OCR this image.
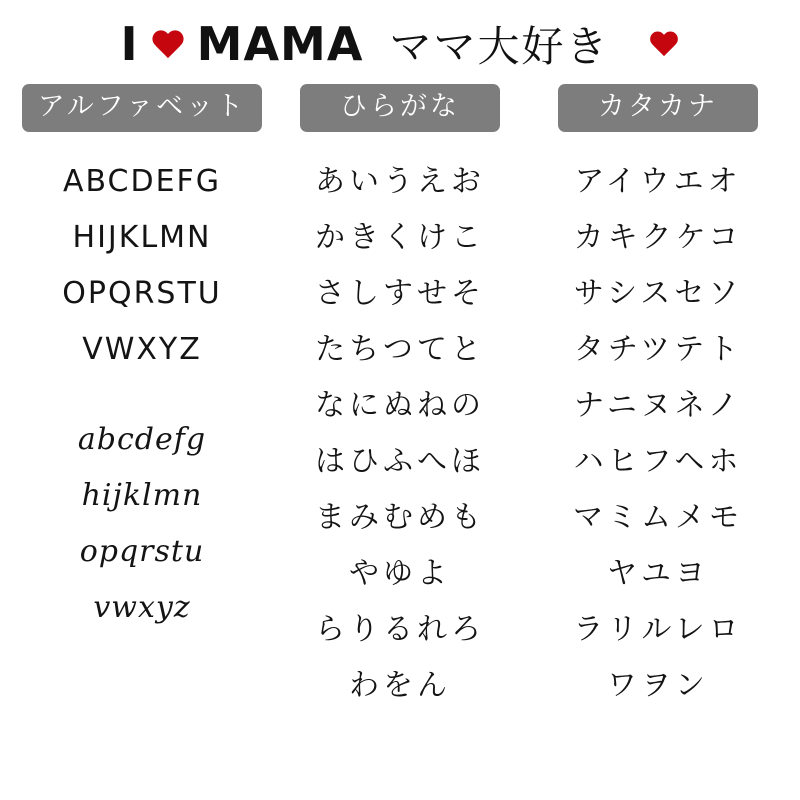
I MAMA ママ大好き
アルファベット
ABCDEFG
HIJKLMN
OPQRSTU
VWXYZ
abcdefg
hijklmn
opqrstu
vwxyz
ひらがな
あいうえお
かきくけこ
さしすせそ
たちつてと
なにぬねの
はひふへほ
まみむめも
やゆよ
らりるれろ
わをん
カタカナ
アイウエオ
カキクケコ
サシスセソ
タチツテト
ナニヌネノ
ハヒフヘホ
マミムメモ
ヤユヨ
ラリルレロ
ワヲン
